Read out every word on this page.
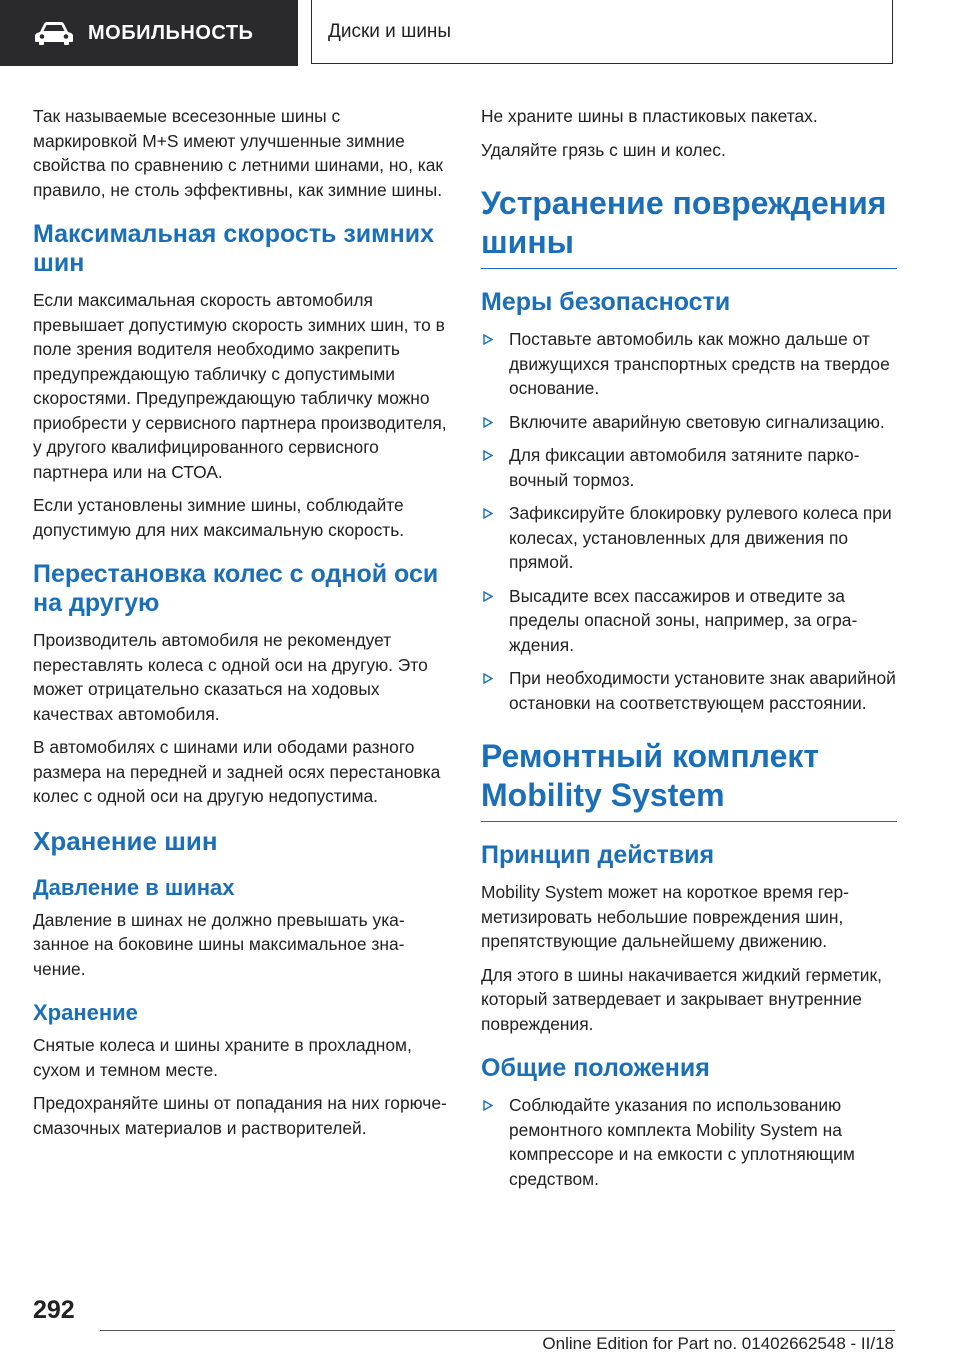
МОБИЛЬНОСТЬ	Диски и шины

Так называемые всесезонные шины с маркировкой M+S имеют улучшенные зимние свойства по сравнению с летними шинами, но, как правило, не столь эффективны, как зимние шины.

Максимальная скорость зимних шин

Если максимальная скорость автомобиля превышает допустимую скорость зимних шин, то в поле зрения водителя необходимо закрепить предупреждающую табличку с допустимыми скоростями. Предупреждающую табличку можно приобрести у сервисного партнера производителя, у другого квалифицированного сервисного партнера или на СТОА.

Если установлены зимние шины, соблюдайте допустимую для них максимальную скорость.

Перестановка колес с одной оси на другую

Производитель автомобиля не рекомендует переставлять колеса с одной оси на другую. Это может отрицательно сказаться на ходовых качествах автомобиля.

В автомобилях с шинами или ободами разного размера на передней и задней осях перестановка колес с одной оси на другую недопустима.

Хранение шин
Давление в шинах

Давление в шинах не должно превышать указанное на боковине шины максимальное значение.

Хранение

Снятые колеса и шины храните в прохладном, сухом и темном месте.

Предохраняйте шины от попадания на них горюче-смазочных материалов и растворителей.

Не храните шины в пластиковых пакетах.

Удаляйте грязь с шин и колес.

Устранение повреждения шины
Меры безопасности
Поставьте автомобиль как можно дальше от движущихся транспортных средств на твердое основание.
Включите аварийную световую сигнализацию.
Для фиксации автомобиля затяните парковочный тормоз.
Зафиксируйте блокировку рулевого колеса при колесах, установленных для движения по прямой.
Высадите всех пассажиров и отведите за пределы опасной зоны, например, за ограждения.
При необходимости установите знак аварийной остановки на соответствующем расстоянии.
Ремонтный комплект Mobility System
Принцип действия

Mobility System может на короткое время герметизировать небольшие повреждения шин, препятствующие дальнейшему движению.

Для этого в шины накачивается жидкий герметик, который затвердевает и закрывает внутренние повреждения.

Общие положения
Соблюдайте указания по использованию ремонтного комплекта Mobility System на компрессоре и на емкости с уплотняющим средством.
292
Online Edition for Part no. 01402662548 - II/18
